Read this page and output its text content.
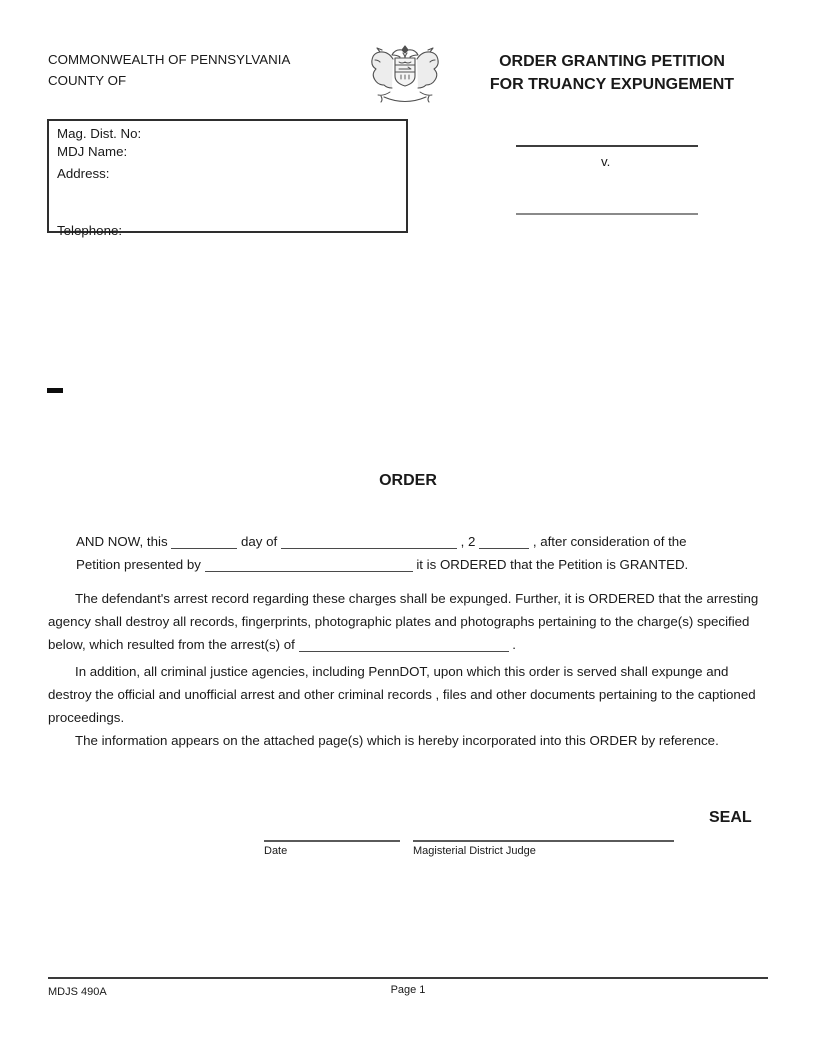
COMMONWEALTH OF PENNSYLVANIA
COUNTY OF
ORDER GRANTING PETITION
FOR TRUANCY EXPUNGEMENT
Mag. Dist. No:
MDJ Name:
Address:
Telephone:
v.
ORDER
AND NOW, this	day of	, 2	, after consideration of the
Petition presented by	it is ORDERED that the Petition is GRANTED.
The defendant's arrest record regarding these charges shall be expunged. Further, it is ORDERED that the arresting
agency shall destroy all records, fingerprints, photographic plates and photographs pertaining to the charge(s) specified
below, which resulted from the arrest(s) of	.
In addition, all criminal justice agencies, including PennDOT, upon which this order is served shall expunge and
destroy the official and unofficial arrest and other criminal records , files and other documents pertaining to the captioned
proceedings.
The information appears on the attached page(s) which is hereby incorporated into this ORDER by reference.
SEAL
Date	Magisterial District Judge
MDJS 490A	Page 1
